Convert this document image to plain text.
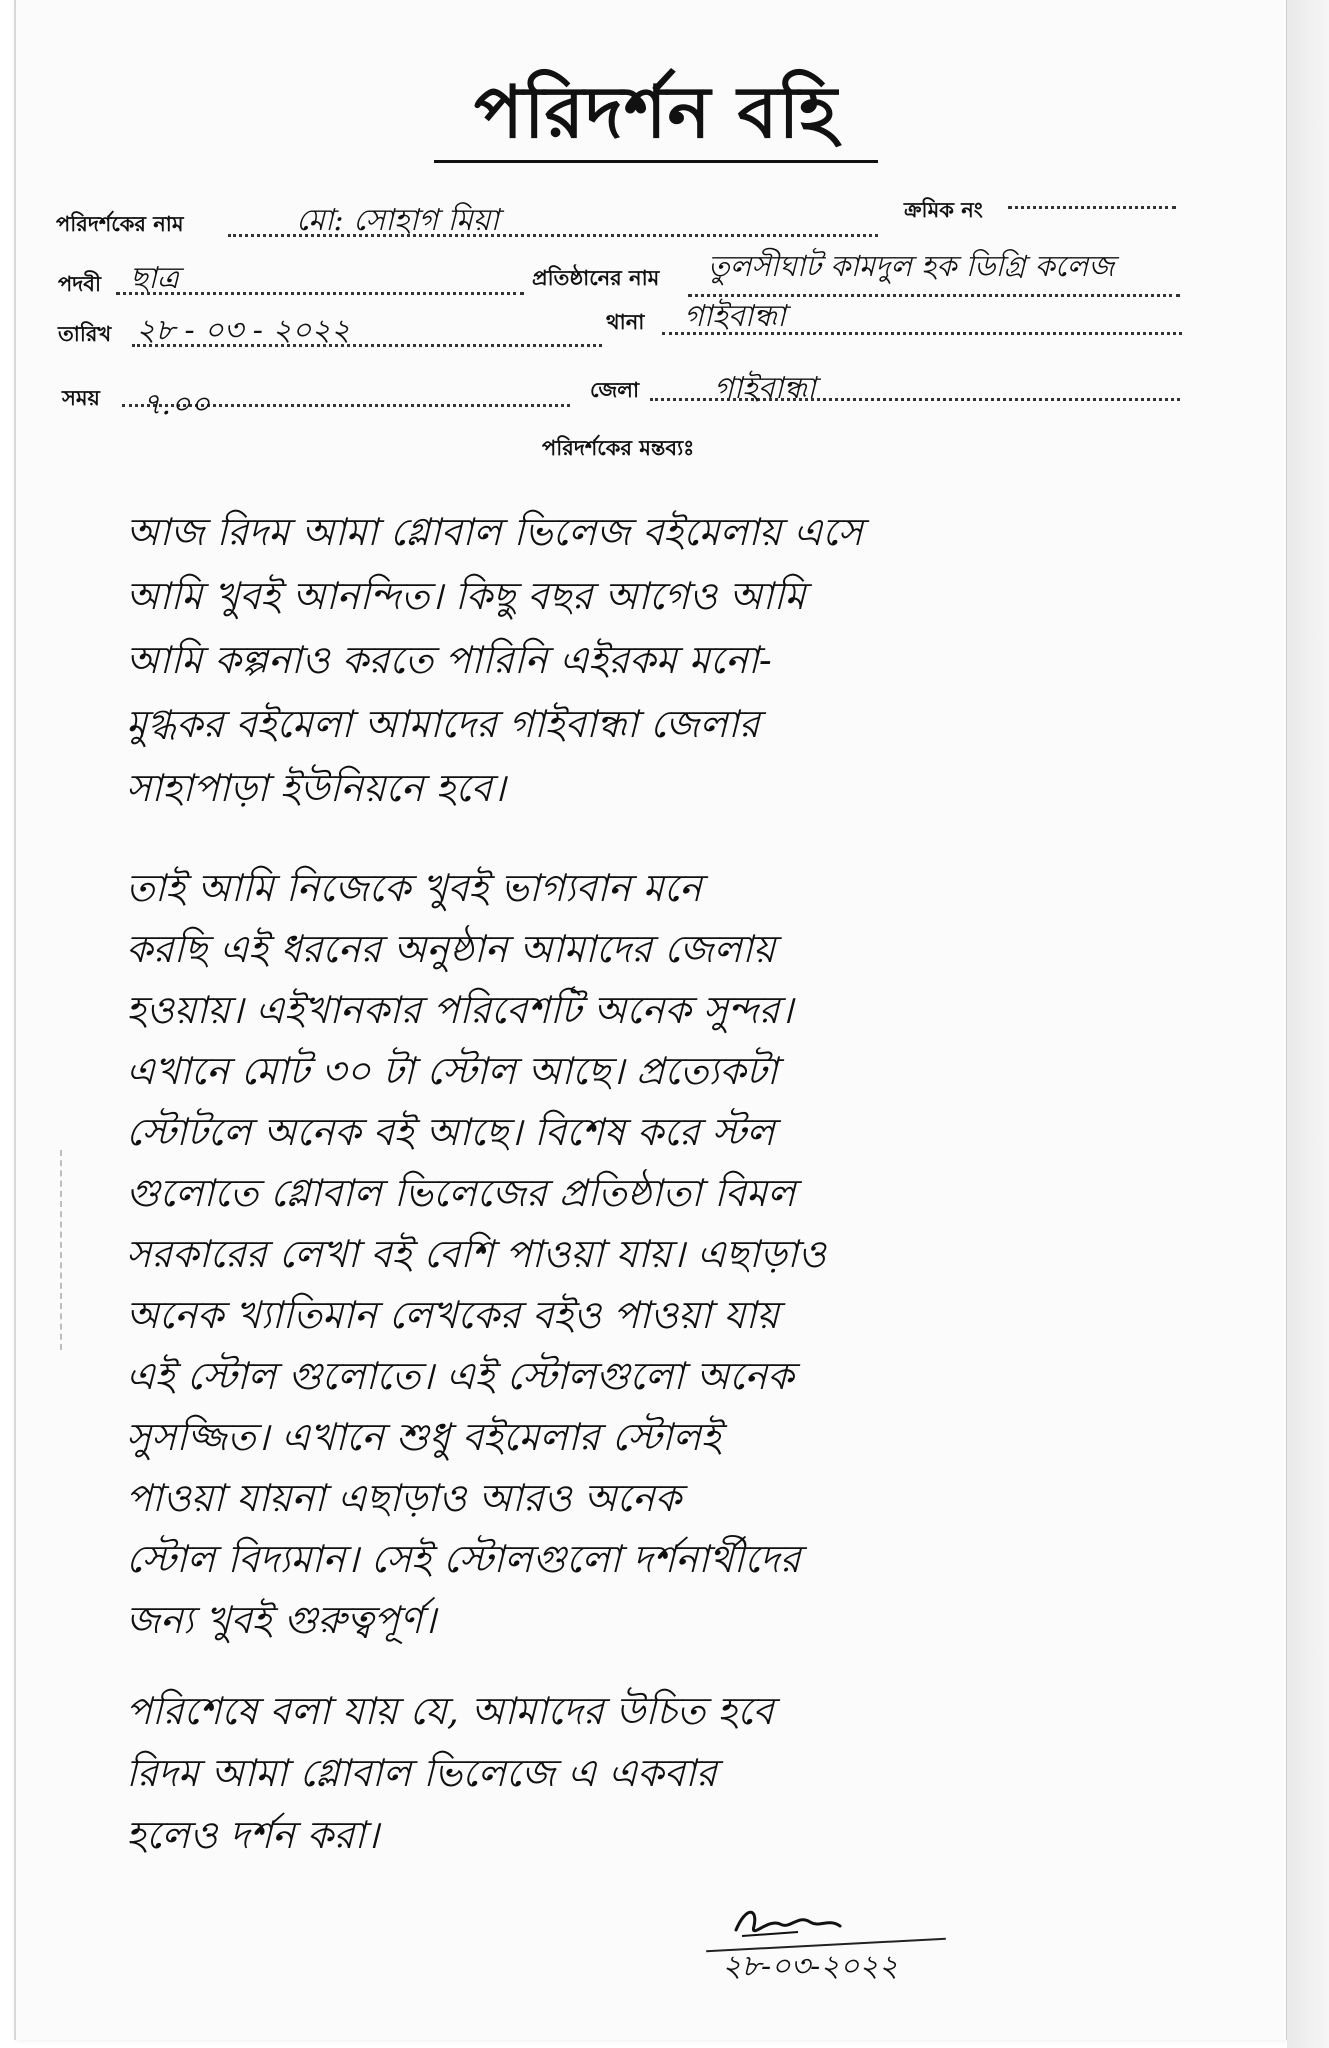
পরিদর্শন বহি
পরিদর্শকের নাম	মো: সোহাগ মিয়া	ক্রমিক নং
পদবী ছাত্র	প্রতিষ্ঠানের নাম তুলসীঘাট কামদুল হক ডিগ্রি কলেজ
তারিখ ২৮ - ০৩ - ২০২২	থানা গাইবান্ধা
সময় ৭.০০	জেলা গাইবান্ধা
পরিদর্শকের মন্তব্যঃ
আজ রিদম আমা গ্লোবাল ভিলেজ বইমেলায় এসে
আমি খুবই আনন্দিত। কিছু বছর আগেও আমি
আমি কল্পনাও করতে পারিনি এইরকম মনো-
মুগ্ধকর বইমেলা আমাদের গাইবান্ধা জেলার
সাহাপাড়া ইউনিয়নে হবে।
তাই আমি নিজেকে খুবই ভাগ্যবান মনে
করছি এই ধরনের অনুষ্ঠান আমাদের জেলায়
হওয়ায়। এইখানকার পরিবেশটি অনেক সুন্দর।
এখানে মোট ৩০ টা স্টোল আছে। প্রত্যেকটা
স্টোটলে অনেক বই আছে। বিশেষ করে স্টল
গুলোতে গ্লোবাল ভিলেজের প্রতিষ্ঠাতা বিমল
সরকারের লেখা বই বেশি পাওয়া যায়। এছাড়াও
অনেক খ্যাতিমান লেখকের বইও পাওয়া যায়
এই স্টোল গুলোতে। এই স্টোলগুলো অনেক
সুসজ্জিত। এখানে শুধু বইমেলার স্টোলই
পাওয়া যায়না এছাড়াও আরও অনেক
স্টোল বিদ্যমান। সেই স্টোলগুলো দর্শনার্থীদের
জন্য খুবই গুরুত্বপূর্ণ।
পরিশেষে বলা যায় যে, আমাদের উচিত হবে
রিদম আমা গ্লোবাল ভিলেজে এ একবার
হলেও দর্শন করা।
২৮-০৩-২০২২
